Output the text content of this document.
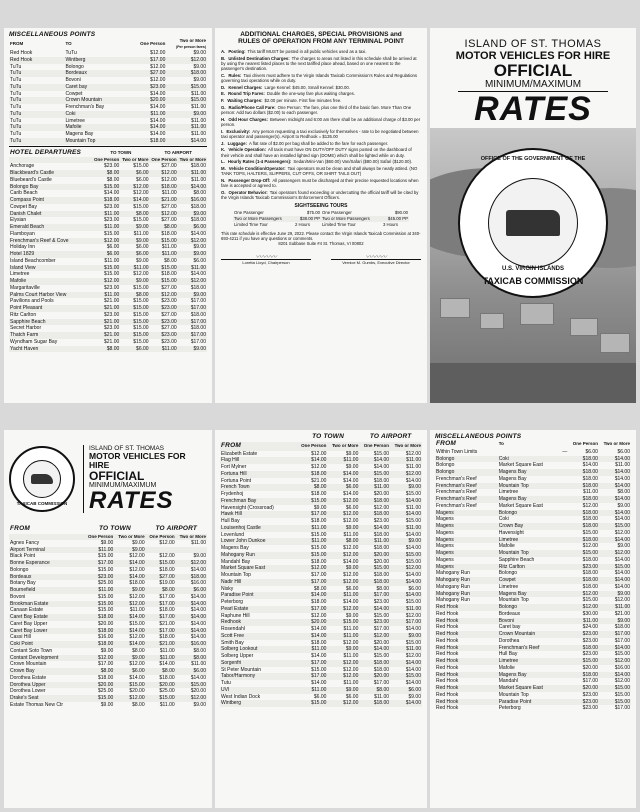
MISCELLANEOUS POINTS
FROM	TO	One Person	Two or More
(Per person fares)
Red Hook	TuTu	$12.00	$9.00
Red Hook	Wintberg	$17.00	$12.00
TuTu	Bolongo	$12.00	$9.00
TuTu	Bordeaux	$27.00	$18.00
TuTu	Bovoni	$12.00	$9.00
TuTu	Caret bay	$23.00	$15.00
TuTu	Cowpet	$14.00	$11.00
TuTu	Crown Mountain	$20.00	$15.00
TuTu	Frenchman's Bay	$14.00	$11.00
TuTu	Coki	$11.00	$9.00
TuTu	Limetree	$14.00	$11.00
TuTu	Mafolie	$14.00	$11.00
TuTu	Magens Bay	$14.00	$11.00
TuTu	Mountain Top	$18.00	$14.00
HOTEL DEPARTURES	TO TOWN		TO AIRPORT	
	One Person	Two or More	One Person	Two or More
Anchorage	$23.00	$15.00	$27.00	$18.00
Blackbeard's Castle	$8.00	$6.00	$12.00	$11.00
Bluebeard's Castle	$8.00	$6.00	$12.00	$11.00
Bolongo Bay	$15.00	$12.00	$18.00	$14.00
Carib Beach	$14.00	$12.00	$11.00	$8.00
Compass Point	$18.00	$14.00	$21.00	$16.00
Cowpet Bay	$23.00	$15.00	$27.00	$18.00
Danish Chalet	$11.00	$8.00	$12.00	$9.00
Elysian	$23.00	$15.00	$27.00	$18.00
Emerald Beach	$11.00	$9.00	$8.00	$6.00
Flamboyan	$15.00	$11.00	$18.00	$14.00
Frenchman's Reef & Cove	$12.00	$9.00	$15.00	$12.00
Holiday Inn	$6.00	$6.00	$11.00	$9.00
Hotel 1829	$6.00	$6.00	$11.00	$9.00
Island Beachcomber	$11.00	$9.00	$8.00	$6.00
Island View	$15.00	$11.00	$15.00	$11.00
Limetree	$15.00	$12.00	$18.00	$14.00
Mafolie	$12.00	$9.00	$15.00	$12.00
Margaritaville	$23.00	$15.00	$27.00	$18.00
Palms Court Harbor View	$11.00	$8.00	$12.00	$9.00
Pavilions and Pools	$21.00	$15.00	$23.00	$17.00
Point Pleasant	$21.00	$15.00	$23.00	$17.00
Ritz Carlton	$23.00	$15.00	$27.00	$18.00
Sapphire Beach	$21.00	$15.00	$23.00	$17.00
Secret Harbor	$23.00	$15.00	$27.00	$18.00
Thatch Farm	$21.00	$15.00	$23.00	$17.00
Wyndham Sugar Bay	$21.00	$15.00	$23.00	$17.00
Yacht Haven	$8.00	$6.00	$11.00	$9.00
ADDITIONAL CHARGES, SPECIAL PROVISIONS and RULES OF OPERATION FROM ANY TERMINAL POINT
A. Posting: This tariff MUST be posted in all public vehicles used as a taxi.
B. Unlisted Destination Charges: The charges to areas not listed in this schedule shall be arrived at by using the nearest listed places to the next tariffed place ahead, based on one nearest to the passenger's destination.
C. Rules: Taxi drivers must adhere to the Virgin Islands Taxicab Commission's Rules and Regulations governing taxi operations while on duty.
D. Kennel Charges: Large Kennel: $45.00, Small Kennel: $30.00.
E. Round Trip Fares: Double the one-way fare plus waiting charges.
F. Waiting Charges: $2.00 per minute. First five minutes free.
G. Radio/Phone Call Fare: One Person: The fare, plus one third of the basic fare. More Than One person: Add two dollars ($2.00) to each passenger.
H. Odd Hour Charges: Between midnight and 6:00 am there shall be an additional charge of $3.00 per person.
I. Exclusivity: Any person requesting a taxi exclusively for themselves - rate to be negotiated between taxi operator and passenger(s). Airport to Redhook = $135.00
J. Luggage: A flat rate of $2.00 per bag shall be added to the fare for each passenger.
K. Vehicle Operation: All taxis must have ON DUTY/OFF DUTY signs posted on the dashboard of their vehicle and shall have an installed lighted sign (DOME) which shall be lighted while on duty.
L. Hourly Rates (1-4 Passengers): Sedan/Mini-Van ($60.00) Van/Safari ($80.00) Safari ($120.00).
M. Vehicle Condition/Operator: Taxi operators must be clean and shall always be neatly attired. (NO TANK TOPS, HALTERS, SLIPPERS, CUT OFFS, OR SHIRT TAILS OUT)
N. Passenger Drop-Off: All passengers must be discharged at their precise requested locations when fare is accepted or agreed to.
O. Operator Behavior: Taxi operators found exceeding or undercutting the official tariff will be cited by the Virgin Islands Taxicab Commission's Enforcement Officers.
SIGHTSEEING TOURS
One Passenger	$75.00	One Passenger	$90.00
Two or More Passengers	$38.00 PP	Two or More Passengers	$45.00 PP
Limited Time Tour	2 Hours	Limited Time Tour	3 Hours
This rate schedule is effective June 29, 2022. Please contact the Virgin Islands Taxicab Commission at 340-693-4211 if you have any questions or comments.
8201 Subbase Suite #4 St. Thomas, VI 00802
〰〰〰
Loretta Lloyd, Chairperson
〰〰〰
Vernice M. Gumbs, Executive Director
ISLAND OF ST. THOMAS
MOTOR VEHICLES FOR HIRE
OFFICIAL
MINIMUM/MAXIMUM
RATES
OFFICE OF THE GOVERNMENT OF THE
U.S. VIRGIN ISLANDS
TAXICAB COMMISSION
TAXICAB COMMISSION
ISLAND OF ST. THOMAS
MOTOR VEHICLES FOR HIRE
OFFICIAL
MINIMUM/MAXIMUM
RATES
FROM	TO TOWN		TO AIRPORT	
	One Person	Two or More	One Person	Two or More
Agnes Fancy	$9.00	$9.00	$12.00	$11.00
Airport Terminal	$11.00	$9.00		
Black Point	$15.00	$12.00	$12.00	$9.00
Bonne Esperance	$17.00	$14.00	$15.00	$12.00
Bolongo	$15.00	$12.00	$18.00	$14.00
Bordeaux	$23.00	$14.00	$27.00	$18.00
Botany Bay	$25.00	$18.00	$19.00	$16.00
Bournefield	$11.00	$9.00	$8.00	$6.00
Bovoni	$15.00	$12.00	$17.00	$14.00
Brookman Estate	$15.00	$12.00	$17.00	$14.00
Canaan Estate	$15.00	$11.00	$18.00	$14.00
Caret Bay Estate	$18.00	$14.00	$17.00	$14.00
Caret Bay Upper	$20.00	$15.00	$21.00	$14.00
Caret Bay Lower	$18.00	$14.00	$17.00	$14.00
Cassi Hill	$16.00	$12.00	$18.00	$14.00
Coki Point	$18.00	$14.00	$21.00	$16.00
Contant Soto Town	$9.00	$8.00	$11.00	$8.00
Contant Development	$12.00	$9.00	$11.00	$8.00
Crown Mountain	$17.00	$12.00	$14.00	$11.00
Crown Bay	$8.00	$6.00	$8.00	$6.00
Dorothea Estate	$18.00	$14.00	$18.00	$14.00
Dorothea Upper	$20.00	$15.00	$20.00	$15.00
Dorothea Lower	$25.00	$20.00	$25.00	$20.00
Drake's Seat	$15.00	$12.00	$15.00	$12.00
Estate Thomas New Ctr	$9.00	$8.00	$11.00	$9.00
	TO TOWN		TO AIRPORT	
FROM	One Person	Two or More	One Person	Two or More
Elizabeth Estate	$12.00	$9.00	$15.00	$12.00
Flag Hill	$14.00	$11.00	$14.00	$11.00
Fort Mylner	$12.00	$9.00	$14.00	$11.00
Fortuna Hill	$18.00	$14.00	$15.00	$12.00
Fortuna Point	$21.00	$14.00	$18.00	$14.00
French Town	$8.00	$6.00	$11.00	$9.00
Frydenhoj	$18.00	$14.00	$20.00	$15.00
Frenchman Bay	$15.00	$12.00	$18.00	$14.00
Havensight (Crossroad)	$9.00	$6.00	$12.00	$11.00
Hawk Hill	$17.00	$12.00	$18.00	$14.00
Hull Bay	$18.00	$12.00	$23.00	$15.00
Louisenhoj Castle	$11.00	$9.00	$14.00	$11.00
Lovenlund	$15.00	$11.00	$18.00	$14.00
Lower John Dunkoe	$11.00	$8.00	$11.00	$9.00
Magens Bay	$15.00	$12.00	$18.00	$14.00
Mahogany Run	$15.00	$12.00	$20.00	$15.00
Mandahl Bay	$18.00	$14.00	$20.00	$15.00
Market Square East	$12.00	$9.00	$15.00	$12.00
Mountain Top	$17.00	$12.00	$18.00	$14.00
Nadir Hill	$17.00	$12.00	$18.00	$14.00
Nisky	$8.00	$6.00	$8.00	$6.00
Paradise Point	$14.00	$11.00	$17.00	$14.00
Peterborg	$18.00	$14.00	$23.00	$15.00
Pearl Estate	$17.00	$12.00	$14.00	$11.00
Raphune Hill	$12.00	$9.00	$15.00	$12.00
Redhook	$20.00	$15.00	$23.00	$17.00
Rosendahl	$14.00	$11.00	$17.00	$14.00
Scott Free	$14.00	$11.00	$12.00	$9.00
Smith Bay	$18.00	$12.00	$20.00	$15.00
Solberg Lookout	$11.00	$9.00	$14.00	$11.00
Solberg Upper	$14.00	$11.00	$15.00	$12.00
Sorgenfri	$17.00	$12.00	$18.00	$14.00
St Peter Mountain	$15.00	$12.00	$18.00	$14.00
Tabor/Harmony	$17.00	$12.00	$20.00	$15.00
Tutu	$14.00	$11.00	$17.00	$14.00
UVI	$11.00	$9.00	$8.00	$6.00
West Indian Dock	$6.00	$6.00	$11.00	$9.00
Wintberg	$15.00	$12.00	$18.00	$14.00
MISCELLANEOUS POINTS
FROM	To	One Person	Two or More
Within Town Limits	—	$6.00	$6.00
Bolongo	Coki	$18.00	$14.00
Bolongo	Market Square East	$14.00	$11.00
Bolongo	Magens Bay	$18.00	$14.00
Frenchman's Reef	Magens Bay	$18.00	$14.00
Frenchman's Reef	Mountain Top	$18.00	$14.00
Frenchman's Reef	Limetree	$11.00	$8.00
Frenchman's Reef	Magens Bay	$18.00	$14.00
Frenchman's Reef	Market Square East	$12.00	$9.00
Magens	Bolongo	$18.00	$14.00
Magens	Coki	$18.00	$14.00
Magens	Crown Bay	$18.00	$15.00
Magens	Havensight	$15.00	$12.00
Magens	Limetree	$18.00	$14.00
Magens	Mafolie	$12.00	$9.00
Magens	Mountain Top	$15.00	$12.00
Magens	Sapphire Beach	$18.00	$14.00
Magens	Ritz Carlton	$23.00	$15.00
Mahogany Run	Bolongo	$18.00	$14.00
Mahogany Run	Cowpet	$18.00	$14.00
Mahogany Run	Limetree	$18.00	$14.00
Mahogany Run	Magens Bay	$12.00	$9.00
Mahogany Run	Mountain Top	$15.00	$12.00
Red Hook	Bolongo	$12.00	$11.00
Red Hook	Bordeaux	$30.00	$21.00
Red Hook	Bovoni	$11.00	$9.00
Red Hook	Caret bay	$24.00	$18.00
Red Hook	Crown Mountain	$23.00	$17.00
Red Hook	Dorothea	$23.00	$17.00
Red Hook	Frenchman's Reef	$18.00	$14.00
Red Hook	Hull Bay	$23.00	$15.00
Red Hook	Limetree	$15.00	$12.00
Red Hook	Mafolie	$20.00	$16.00
Red Hook	Magens Bay	$18.00	$14.00
Red Hook	Mandahl	$17.00	$12.00
Red Hook	Market Square East	$20.00	$15.00
Red Hook	Mountain Top	$23.00	$15.00
Red Hook	Paradise Point	$23.00	$15.00
Red Hook	Peterborg	$23.00	$17.00
